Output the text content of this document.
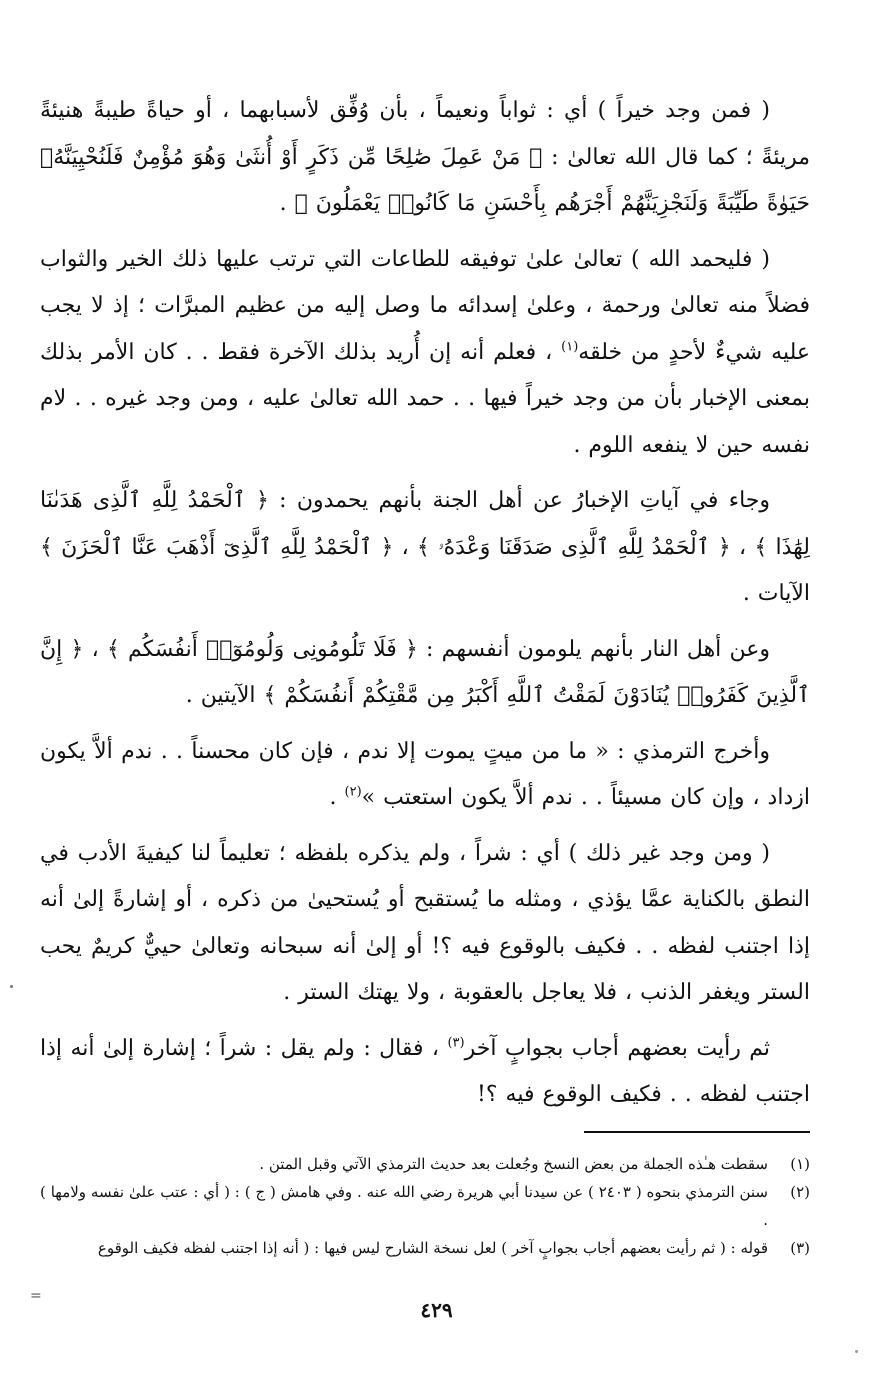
( فمن وجد خيراً ) أي : ثواباً ونعيماً ، بأن وُفِّق لأسبابهما ، أو حياةً طيبةً هنيئةً مريئةً ؛ كما قال الله تعالىٰ : ﴿ مَنْ عَمِلَ صَٰلِحًا مِّن ذَكَرٍ أَوْ أُنثَىٰ وَهُوَ مُؤْمِنٌ فَلَنُحْيِيَنَّهُۥ حَيَوٰةً طَيِّبَةً وَلَنَجْزِيَنَّهُمْ أَجْرَهُم بِأَحْسَنِ مَا كَانُوا۟ يَعْمَلُونَ ﴾ .

( فليحمد الله ) تعالىٰ علىٰ توفيقه للطاعات التي ترتب عليها ذلك الخير والثواب فضلاً منه تعالىٰ ورحمة ، وعلىٰ إسدائه ما وصل إليه من عظيم المبرَّات ؛ إذ لا يجب عليه شيءٌ لأحدٍ من خلقه$^{(١)}$ ، فعلم أنه إن أُريد بذلك الآخرة فقط . . كان الأمر بذلك بمعنى الإخبار بأن من وجد خيراً فيها . . حمد الله تعالىٰ عليه ، ومن وجد غيره . . لام نفسه حين لا ينفعه اللوم .

وجاء في آياتِ الإخبارُ عن أهل الجنة بأنهم يحمدون : ﴿ ٱلْحَمْدُ لِلَّهِ ٱلَّذِى هَدَىٰنَا لِهَٰذَا ﴾ ، ﴿ ٱلْحَمْدُ لِلَّهِ ٱلَّذِى صَدَقَنَا وَعْدَهُۥ ﴾ ، ﴿ ٱلْحَمْدُ لِلَّهِ ٱلَّذِىٓ أَذْهَبَ عَنَّا ٱلْحَزَنَ ﴾ الآيات .

وعن أهل النار بأنهم يلومون أنفسهم : ﴿ فَلَا تَلُومُونِى وَلُومُوٓا۟ أَنفُسَكُم ﴾ ، ﴿ إِنَّ ٱلَّذِينَ كَفَرُوا۟ يُنَادَوْنَ لَمَقْتُ ٱللَّهِ أَكْبَرُ مِن مَّقْتِكُمْ أَنفُسَكُمْ ﴾ الآيتين .

وأخرج الترمذي : « ما من ميتٍ يموت إلا ندم ، فإن كان محسناً . . ندم ألاَّ يكون ازداد ، وإن كان مسيئاً . . ندم ألاَّ يكون استعتب »$^{(٢)}$ .

( ومن وجد غير ذلك ) أي : شراً ، ولم يذكره بلفظه ؛ تعليماً لنا كيفيةَ الأدب في النطق بالكناية عمَّا يؤذي ، ومثله ما يُستقبح أو يُستحيىٰ من ذكره ، أو إشارةً إلىٰ أنه إذا اجتنب لفظه . . فكيف بالوقوع فيه ؟! أو إلىٰ أنه سبحانه وتعالىٰ حييٌّ كريمٌ يحب الستر ويغفر الذنب ، فلا يعاجل بالعقوبة ، ولا يهتك الستر .

ثم رأيت بعضهم أجاب بجوابٍ آخر$^{(٣)}$ ، فقال : ولم يقل : شراً ؛ إشارة إلىٰ أنه إذا اجتنب لفظه . . فكيف الوقوع فيه ؟!

(١)
سقطت هـٰذه الجملة من بعض النسخ وجُعلت بعد حديث الترمذي الآتي وقبل المتن .
(٢)
سنن الترمذي بنحوه ( ٢٤٠٣ ) عن سيدنا أبي هريرة رضي الله عنه . وفي هامش ( ج ) : ( أي : عتب علىٰ نفسه ولامها ) .
(٣)
قوله : ( ثم رأيت بعضهم أجاب بجوابٍ آخر ) لعل نسخة الشارح ليس فيها : ( أنه إذا اجتنب لفظه فكيف الوقوع
=
٤٢٩
